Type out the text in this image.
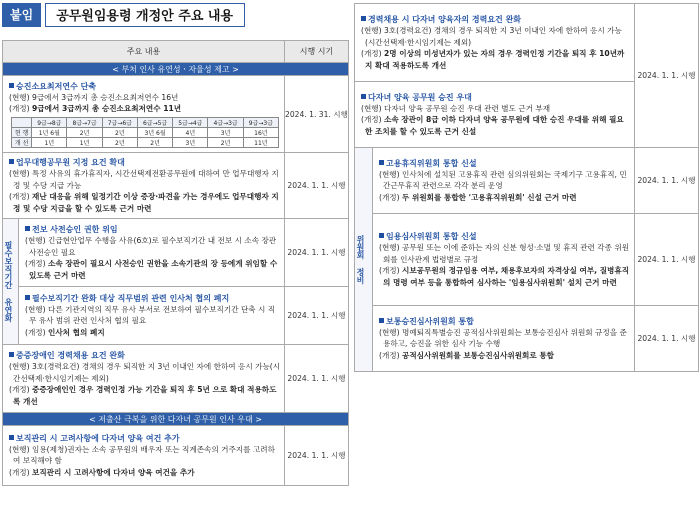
붙임	공무원임용령 개정안 주요 내용
주요 내용	시행 시기
< 부처 인사 유연성ㆍ자율성 제고 >

승진소요최저연수 단축
(현행) 9급에서 3급까지 총 승진소요최저연수 16년
(개정) 9급에서 3급까지 총 승진소요최저연수 11년
	9급→8급	8급→7급	7급→6급	6급→5급	5급→4급	4급→3급	9급→3급
현 행	1년 6월	2년	2년	3년 6월	4년	3년	16년
개 선	1년	1년	2년	2년	3년	2년	11년
	2024. 1. 31. 시행

업무대행공무원 지정 요건 확대
(현행) 특정 사유의 휴가휴직자, 시간선택제전환공무원에 대하여 만 업무대행자 지정 및 수당 지급 가능
(개정) 재난 대응을 위해 일정기간 이상 증장·파견을 가는 경우에도 업무대행자 지정 및 수당 지급을 할 수 있도록 근거 마련
	2024. 1. 1. 시행

필수보직기간 유연화

전보 사전승인 권한 위임
(현행) 긴급현안업무 수행을 사유(6호)로 필수보직기간 내 전보 시 소속 장관 사전승인 필요
(개정) 소속 장관이 필요시 사전승인 권한을 소속기관의 장 등에게 위임할 수 있도록 근거 마련
	2024. 1. 1. 시행

필수보직기간 완화 대상 직무범위 관련 인사처 협의 폐지
(현행) 다른 기관지역의 직무 유사 부서로 전보하여 필수보직기간 단축 시 직무 유사 범위 관련 인사처 협의 필요
(개정) 인사처 협의 폐지
	2024. 1. 1. 시행

중증장애인 경력채용 요건 완화
(현행) 3호(경력요건) 경채의 경우 퇴직한 지 3년 이내인 자에 한하여 응시 가능(시간선택제·한시임기제는 제외)
(개정) 중증장애인인 경우 경력인정 가능 기간을 퇴직 후 5년 으로 확대 적용하도록 개선
	2024. 1. 1. 시행
< 저출산 극복을 위한 다자녀 공무원 인사 우대 >

보직관리 시 고려사항에 다자녀 양육 여건 추가
(현행) 임용(제청)권자는 소속 공무원의 배우자 또는 직계존속의 거주지를 고려하여 보직해야 함
(개정) 보직관리 시 고려사항에 다자녀 양육 여건을 추가
	2024. 1. 1. 시행
경력채용 시 다자녀 양육자의 경력요건 완화
(현행) 3호(경력요건) 경채의 경우 퇴직한 지 3년 이내인 자에 한하여 응시 가능(시간선택제·한시임기제는 제외)
(개정) 2명 이상의 미성년자가 있는 자의 경우 경력인정 기간을 퇴직 후 10년까지 확대 적용하도록 개선		2024. 1. 1. 시행

다자녀 양육 공무원 승진 우대
(현행) 다자녀 양육 공무원 승진 우대 관련 별도 근거 부재
(개정) 소속 장관이 8급 이하 다자녀 양육 공무원에 대한 승진 우대를 위해 필요한 조치를 할 수 있도록 근거 신설		

위원회 정비	고용휴직위원회 통합 신설
(현행) 인사처에 설치된 고용휴직 관련 심의위원회는 국제기구 고용휴직, 민간근무휴직 관련으로 각각 분리 운영
(개정) 두 위원회를 통합한 '고용휴직위원회' 신설 근거 마련	2024. 1. 1. 시행

	임용심사위원회 통합 신설
(현행) 공무원 또는 이에 준하는 자의 신분 형성·소멸 및 휴직 관련 각종 위원회를 인사관계 법령별로 규정
(개정) 시보공무원의 정규임용 여부, 채용후보자의 자격상실 여부, 질병휴직의 명령 여부 등을 통합하여 심사하는 '임용심사위원회' 설치 근거 마련	2024. 1. 1. 시행

	보통승진심사위원회 통합
(현행) 명예퇴직특별승진 공적심사위원회는 보통승진심사 위원회 규정을 준용하고, 승진을 위한 심사 기능 수행
(개정) 공적심사위원회를 보통승진심사위원회로 통합	2024. 1. 1. 시행
